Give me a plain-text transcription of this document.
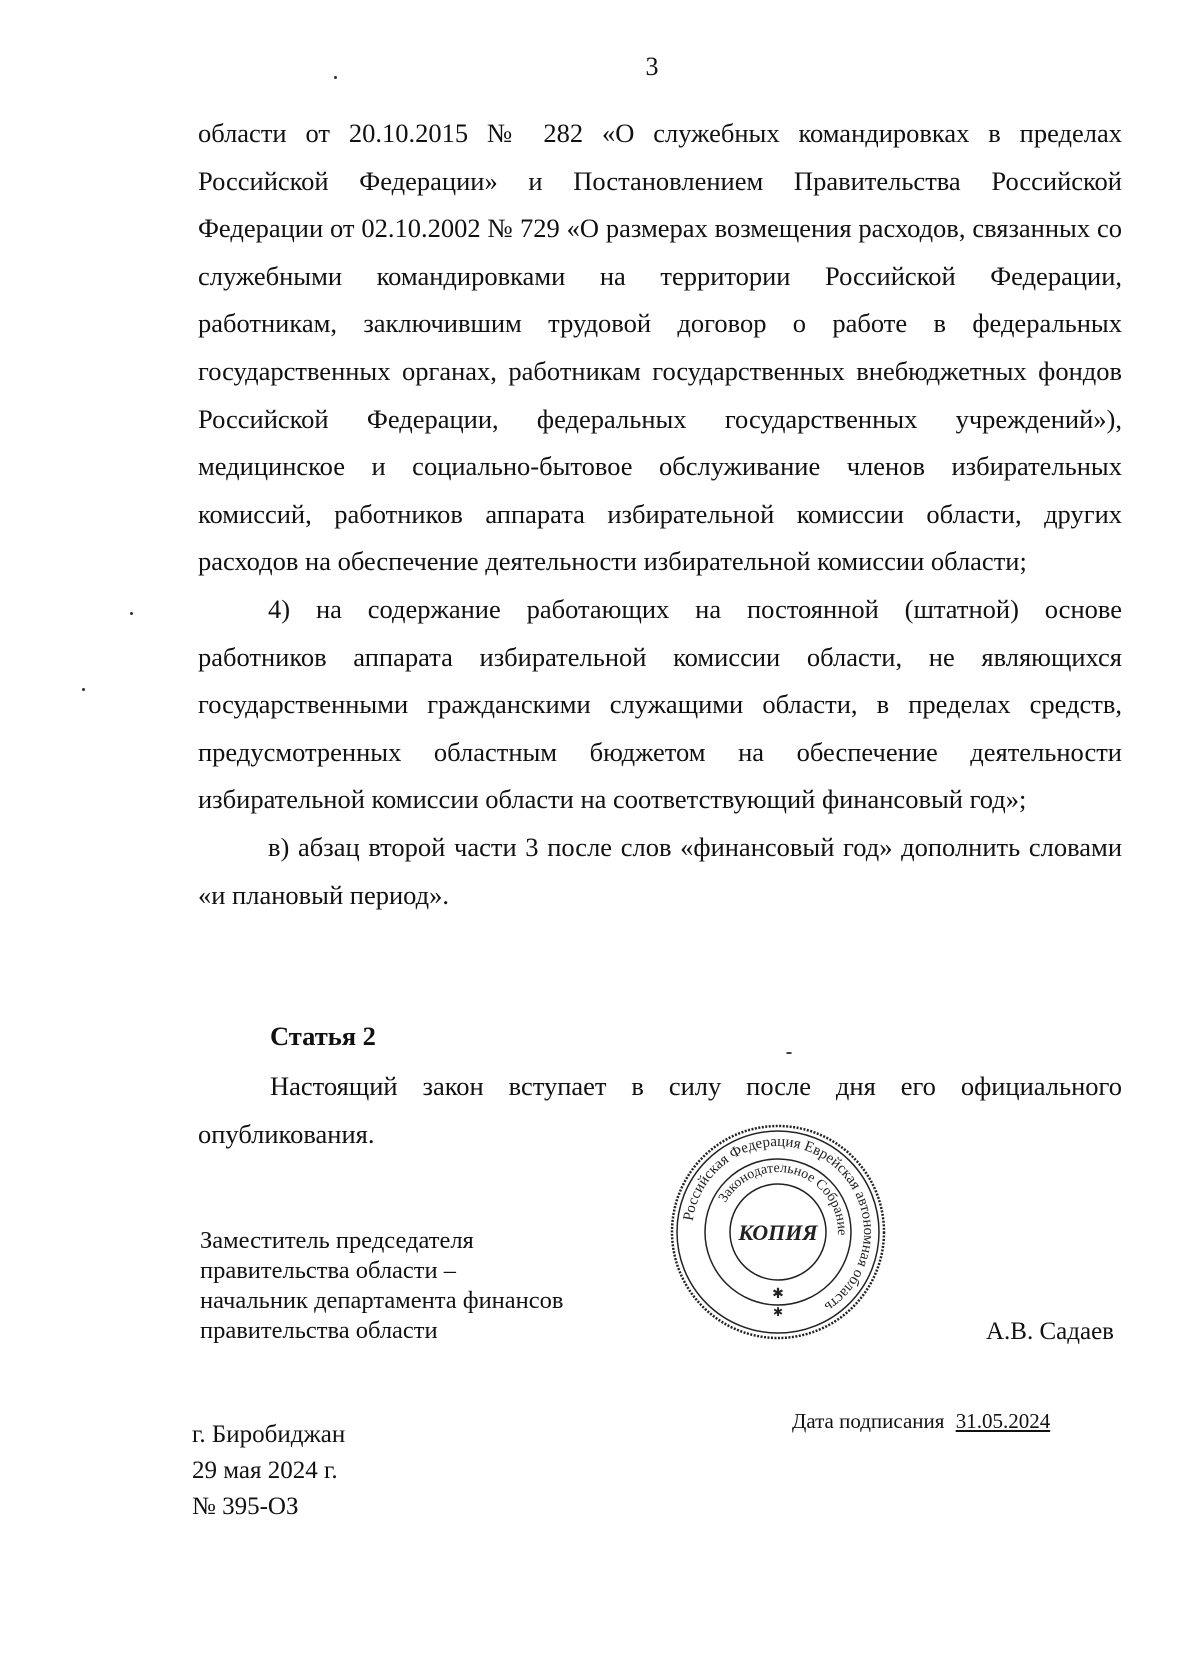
3

области от 20.10.2015 № 282 «О служебных командировках в пределах Российской Федерации» и Постановлением Правительства Российской Федерации от 02.10.2002 № 729 «О размерах возмещения расходов, связанных со служебными командировками на территории Российской Федерации, работникам, заключившим трудовой договор о работе в федеральных государственных органах, работникам государственных внебюджетных фондов Российской Федерации, федеральных государственных учреждений»), медицинское и социально-бытовое обслуживание членов избирательных комиссий, работников аппарата избирательной комиссии области, других расходов на обеспечение деятельности избирательной комиссии области;

4) на содержание работающих на постоянной (штатной) основе работников аппарата избирательной комиссии области, не являющихся государственными гражданскими служащими области, в пределах средств, предусмотренных областным бюджетом на обеспечение деятельности избирательной комиссии области на соответствующий финансовый год»;

в) абзац второй части 3 после слов «финансовый год» дополнить словами «и плановый период».

Статья 2

Настоящий закон вступает в силу после дня его официального опубликования.

Заместитель председателя
правительства области –
начальник департамента финансов
правительства области	А.В. Садаев
Российская Федерация Еврейская автономная область
Законодательное Собрание
КОПИЯ
✱
✱
г. Биробиджан
29 мая 2024 г.
№ 395-ОЗ
Дата подписания 31.05.2024
